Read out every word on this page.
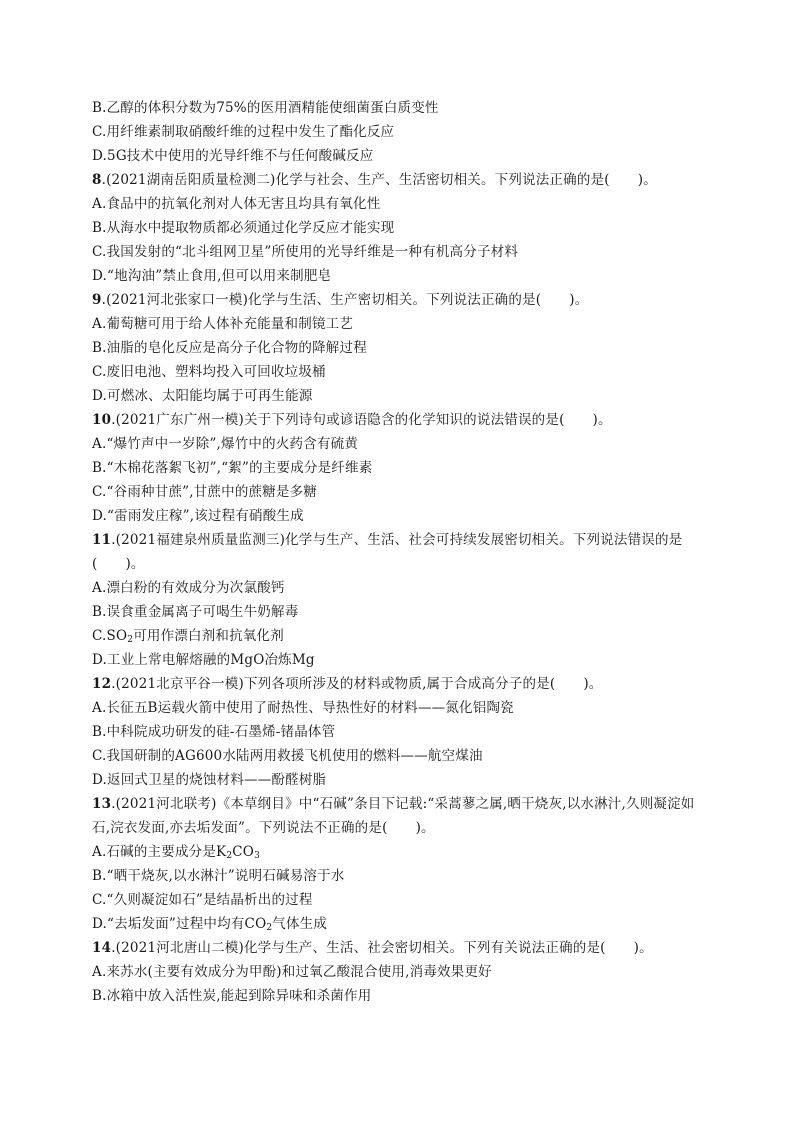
B.乙醇的体积分数为75%的医用酒精能使细菌蛋白质变性
C.用纤维素制取硝酸纤维的过程中发生了酯化反应
D.5G技术中使用的光导纤维不与任何酸碱反应
8.(2021湖南岳阳质量检测二)化学与社会、生产、生活密切相关。下列说法正确的是( )。
A.食品中的抗氧化剂对人体无害且均具有氧化性
B.从海水中提取物质都必须通过化学反应才能实现
C.我国发射的“北斗组网卫星”所使用的光导纤维是一种有机高分子材料
D.“地沟油”禁止食用,但可以用来制肥皂
9.(2021河北张家口一模)化学与生活、生产密切相关。下列说法正确的是( )。
A.葡萄糖可用于给人体补充能量和制镜工艺
B.油脂的皂化反应是高分子化合物的降解过程
C.废旧电池、塑料均投入可回收垃圾桶
D.可燃冰、太阳能均属于可再生能源
10.(2021广东广州一模)关于下列诗句或谚语隐含的化学知识的说法错误的是( )。
A.“爆竹声中一岁除”,爆竹中的火药含有硫黄
B.“木棉花落絮飞初”,“絮”的主要成分是纤维素
C.“谷雨种甘蔗”,甘蔗中的蔗糖是多糖
D.“雷雨发庄稼”,该过程有硝酸生成
11.(2021福建泉州质量监测三)化学与生产、生活、社会可持续发展密切相关。下列说法错误的是
( )。
A.漂白粉的有效成分为次氯酸钙
B.误食重金属离子可喝生牛奶解毒
$C.SO_2$可用作漂白剂和抗氧化剂
D.工业上常电解熔融的MgO冶炼Mg
12.(2021北京平谷一模)下列各项所涉及的材料或物质,属于合成高分子的是( )。
A.长征五B运载火箭中使用了耐热性、导热性好的材料——氮化铝陶瓷
B.中科院成功研发的硅-石墨烯-锗晶体管
C.我国研制的AG600水陆两用救援飞机使用的燃料——航空煤油
D.返回式卫星的烧蚀材料——酚醛树脂
13.(2021河北联考)《本草纲目》中“石碱”条目下记载:“采蒿蓼之属,晒干烧灰,以水淋汁,久则凝淀如
石,浣衣发面,亦去垢发面”。下列说法不正确的是( )。
A.石碱的主要成分是$K_2CO_3$
B.“晒干烧灰,以水淋汁”说明石碱易溶于水
C.“久则凝淀如石”是结晶析出的过程
D.“去垢发面”过程中均有$CO_2$气体生成
14.(2021河北唐山二模)化学与生产、生活、社会密切相关。下列有关说法正确的是( )。
A.来苏水(主要有效成分为甲酚)和过氧乙酸混合使用,消毒效果更好
B.冰箱中放入活性炭,能起到除异味和杀菌作用
